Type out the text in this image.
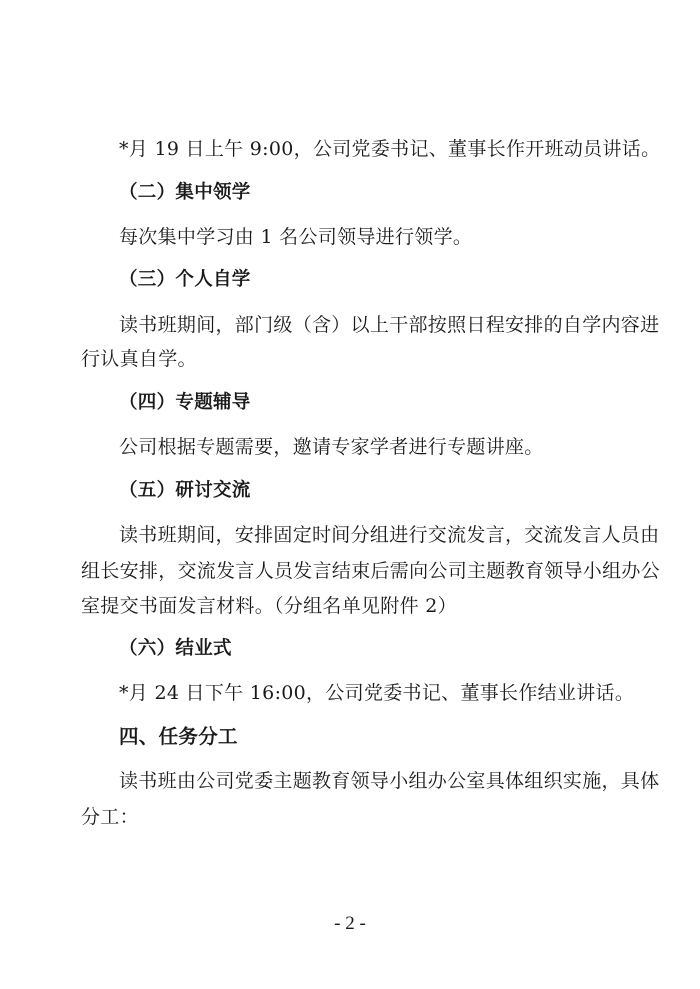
*月 19 日上午 9:00，公司党委书记、董事长作开班动员讲话。
（二）集中领学
每次集中学习由 1 名公司领导进行领学。
（三）个人自学
读书班期间，部门级（含）以上干部按照日程安排的自学内容进
行认真自学。
（四）专题辅导
公司根据专题需要，邀请专家学者进行专题讲座。
（五）研讨交流
读书班期间，安排固定时间分组进行交流发言，交流发言人员由
组长安排，交流发言人员发言结束后需向公司主题教育领导小组办公
室提交书面发言材料。（分组名单见附件 2）
（六）结业式
*月 24 日下午 16:00，公司党委书记、董事长作结业讲话。
四、任务分工
读书班由公司党委主题教育领导小组办公室具体组织实施，具体
分工：
- 2 -
